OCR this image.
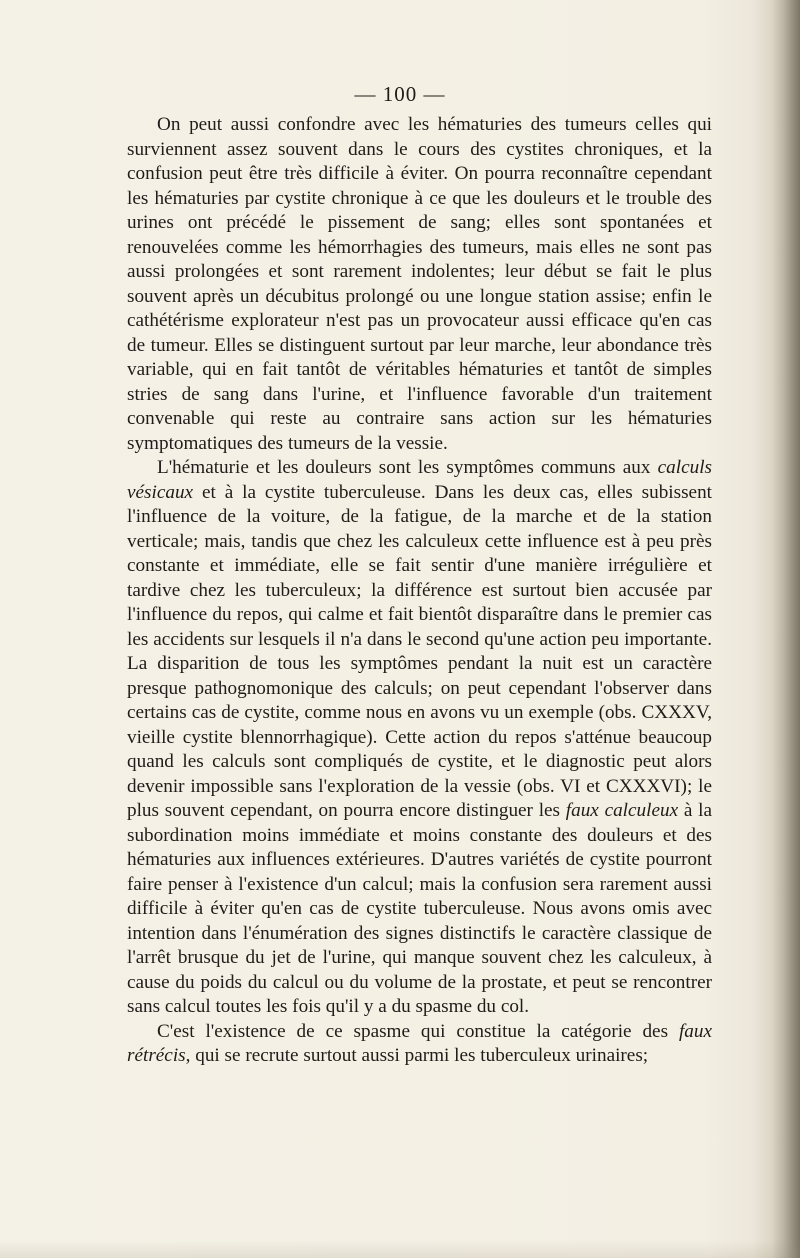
— 100 —

On peut aussi confondre avec les hématuries des tumeurs celles qui surviennent assez souvent dans le cours des cystites chroniques, et la confusion peut être très difficile à éviter. On pourra reconnaître cependant les hématuries par cystite chronique à ce que les douleurs et le trouble des urines ont précédé le pissement de sang; elles sont spontanées et renouvelées comme les hémorrhagies des tumeurs, mais elles ne sont pas aussi prolongées et sont rarement indolentes; leur début se fait le plus souvent après un décubitus prolongé ou une longue station assise; enfin le cathétérisme explorateur n'est pas un provocateur aussi efficace qu'en cas de tumeur. Elles se distinguent surtout par leur marche, leur abondance très variable, qui en fait tantôt de véritables hématuries et tantôt de simples stries de sang dans l'urine, et l'influence favorable d'un traitement convenable qui reste au contraire sans action sur les hématuries symptomatiques des tumeurs de la vessie.

L'hématurie et les douleurs sont les symptômes communs aux calculs vésicaux et à la cystite tuberculeuse. Dans les deux cas, elles subissent l'influence de la voiture, de la fatigue, de la marche et de la station verticale; mais, tandis que chez les calculeux cette influence est à peu près constante et immédiate, elle se fait sentir d'une manière irrégulière et tardive chez les tuberculeux; la différence est surtout bien accusée par l'influence du repos, qui calme et fait bientôt disparaître dans le premier cas les accidents sur lesquels il n'a dans le second qu'une action peu importante. La disparition de tous les symptômes pendant la nuit est un caractère presque pathognomonique des calculs; on peut cependant l'observer dans certains cas de cystite, comme nous en avons vu un exemple (obs. CXXXV, vieille cystite blennorrhagique). Cette action du repos s'atténue beaucoup quand les calculs sont compliqués de cystite, et le diagnostic peut alors devenir impossible sans l'exploration de la vessie (obs. VI et CXXXVI); le plus souvent cependant, on pourra encore distinguer les faux calculeux à la subordination moins immédiate et moins constante des douleurs et des hématuries aux influences extérieures. D'autres variétés de cystite pourront faire penser à l'existence d'un calcul; mais la confusion sera rarement aussi difficile à éviter qu'en cas de cystite tuberculeuse. Nous avons omis avec intention dans l'énumération des signes distinctifs le caractère classique de l'arrêt brusque du jet de l'urine, qui manque souvent chez les calculeux, à cause du poids du calcul ou du volume de la prostate, et peut se rencontrer sans calcul toutes les fois qu'il y a du spasme du col.

C'est l'existence de ce spasme qui constitue la catégorie des faux rétrécis, qui se recrute surtout aussi parmi les tuberculeux urinaires;
